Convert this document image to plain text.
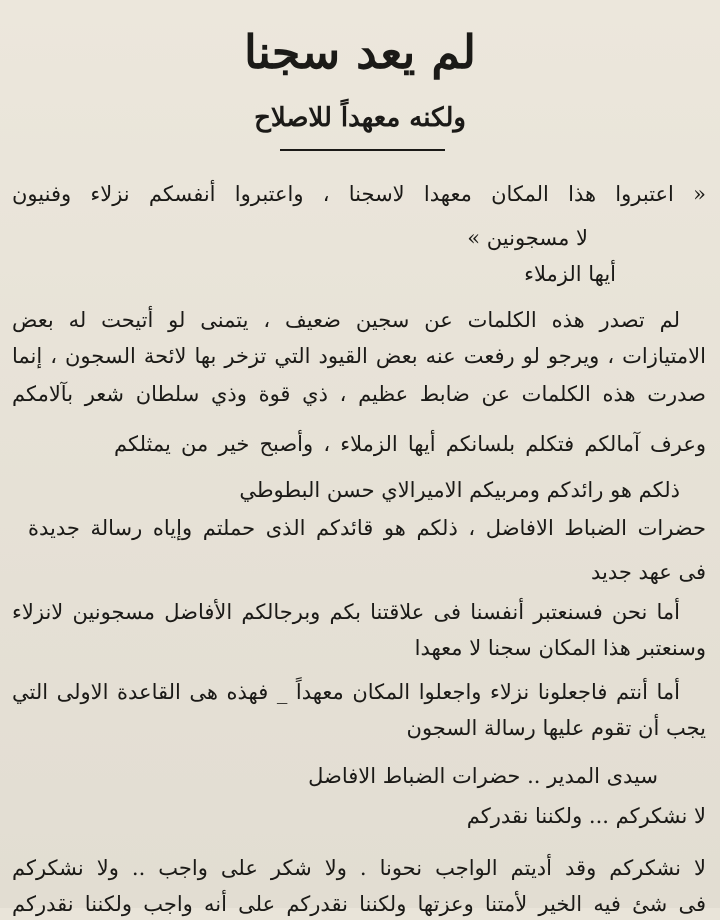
لم يعد سجنا
ولكنه معهداً للاصلاح

« اعتبروا هذا المكان معهدا لاسجنا ، واعتبروا أنفسكم نزلاء وفنيون

لا مسجونين »

أيها الزملاء

لم تصدر هذه الكلمات عن سجين ضعيف ، يتمنى لو أتيحت له بعض

الامتيازات ، ويرجو لو رفعت عنه بعض القيود التي تزخر بها لائحة السجون ، إنما

صدرت هذه الكلمات عن ضابط عظيم ، ذي قوة وذي سلطان شعر بآلامكم

وعرف آمالكم فتكلم بلسانكم أيها الزملاء ، وأصبح خير من يمثلكم

ذلكم هو رائدكم ومربيكم الاميرالاي حسن البطوطي

حضرات الضباط الافاضل ، ذلكم هو قائدكم الذى حملتم وإياه رسالة جديدة

فى عهد جديد

أما نحن فسنعتبر أنفسنا فى علاقتنا بكم وبرجالكم الأفاضل مسجونين لانزلاء

وسنعتبر هذا المكان سجنا لا معهدا

أما أنتم فاجعلونا نزلاء واجعلوا المكان معهداً _ فهذه هى القاعدة الاولى التي

يجب أن تقوم عليها رسالة السجون

سيدى المدير .. حضرات الضباط الافاضل

لا نشكركم ... ولكننا نقدركم

لا نشكركم وقد أديتم الواجب نحونا . ولا شكر على واجب .. ولا نشكركم

فى شئ فيه الخير لأمتنا وعزتها ولكننا نقدركم على أنه واجب ولكننا نقدركم
